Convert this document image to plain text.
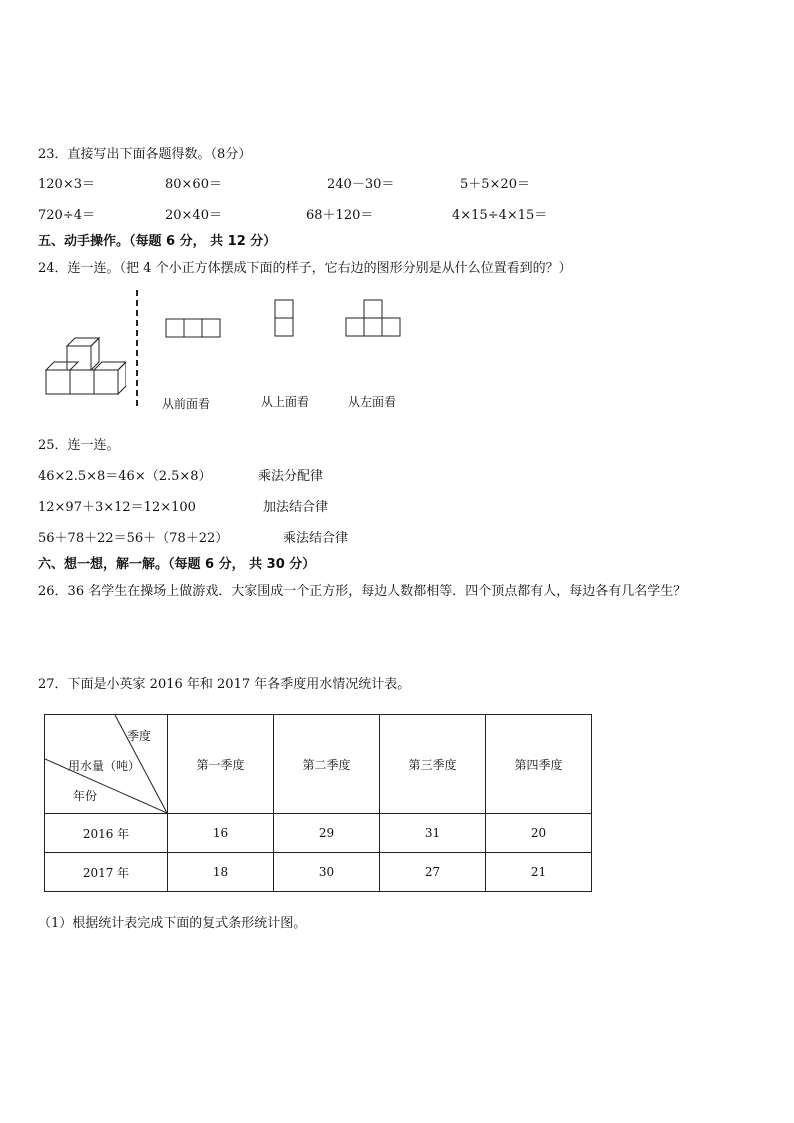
23．直接写出下面各题得数。（8分）
120×3＝	80×60＝	240－30＝	5＋5×20＝
720÷4＝	20×40＝	68＋120＝	4×15÷4×15＝
五、动手操作。（每题 6 分， 共 12 分）
24．连一连。（把 4 个小正方体摆成下面的样子，它右边的图形分别是从什么位置看到的？）
从前面看	从上面看	从左面看
25．连一连。
46×2.5×8＝46×（2.5×8）	乘法分配律
12×97＋3×12＝12×100	加法结合律
56＋78＋22＝56＋（78＋22）	乘法结合律
六、想一想，解一解。（每题 6 分， 共 30 分）
26．36 名学生在操场上做游戏．大家围成一个正方形，每边人数都相等．四个顶点都有人，每边各有几名学生？
27．下面是小英家 2016 年和 2017 年各季度用水情况统计表。
季度
用水量（吨）
年份	第一季度	第二季度	第三季度	第四季度
2016 年	16	29	31	20
2017 年	18	30	27	21
（1）根据统计表完成下面的复式条形统计图。
